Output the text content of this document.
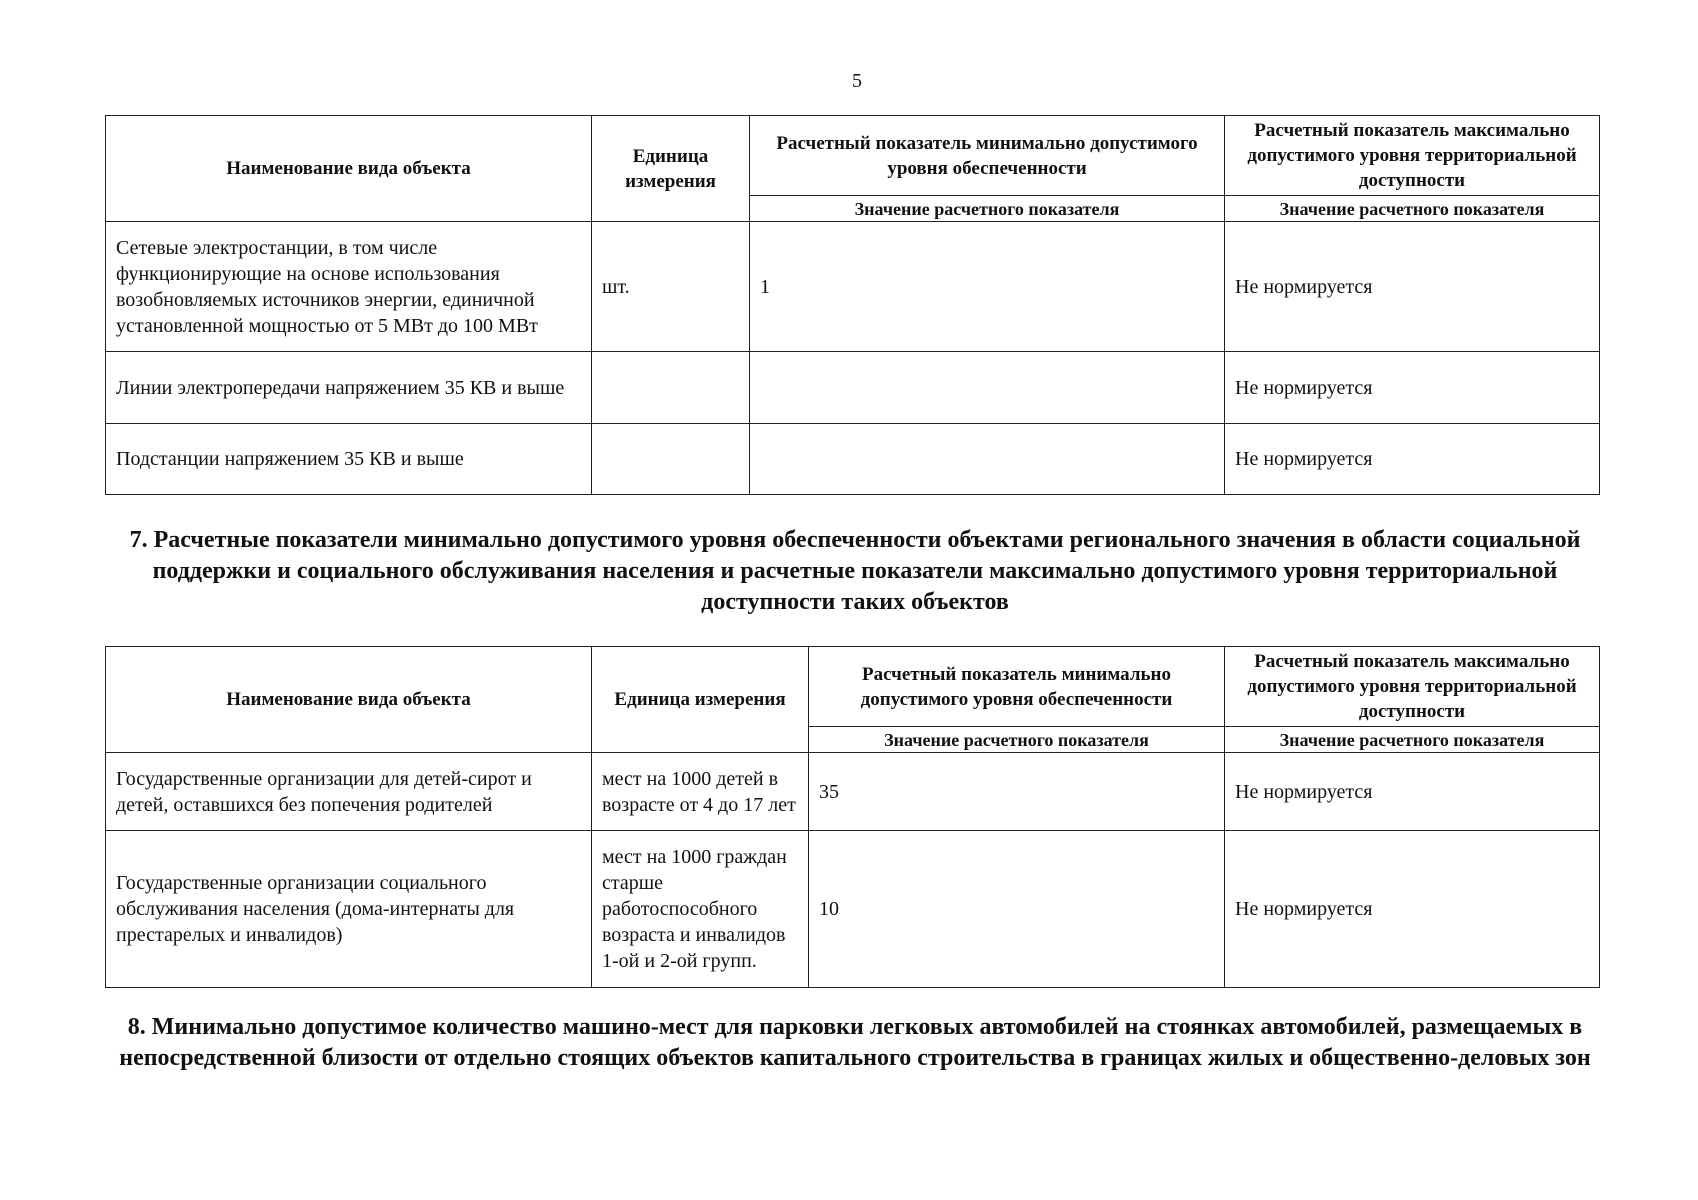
5
Наименование вида объекта	Единица измерения	Расчетный показатель минимально допустимого уровня обеспеченности	Расчетный показатель максимально допустимого уровня территориальной доступности
		Значение расчетного показателя	Значение расчетного показателя
Сетевые электростанции, в том числе функционирующие на основе использования возобновляемых источников энергии, единичной установленной мощностью от 5 МВт до 100 МВт	шт.	1	Не нормируется
Линии электропередачи напряжением 35 КВ и выше			Не нормируется
Подстанции напряжением 35 КВ и выше			Не нормируется
7. Расчетные показатели минимально допустимого уровня обеспеченности объектами регионального значения в области социальной поддержки и социального обслуживания населения и расчетные показатели максимально допустимого уровня территориальной доступности таких объектов
Наименование вида объекта	Единица измерения	Расчетный показатель минимально допустимого уровня обеспеченности	Расчетный показатель максимально допустимого уровня территориальной доступности
		Значение расчетного показателя	Значение расчетного показателя
Государственные организации для детей-сирот и детей, оставшихся без попечения родителей	мест на 1000 детей в возрасте от 4 до 17 лет	35	Не нормируется
Государственные организации социального обслуживания населения (дома-интернаты для престарелых и инвалидов)	мест на 1000 граждан старше работоспособного возраста и инвалидов 1-ой и 2-ой групп.	10	Не нормируется
8. Минимально допустимое количество машино-мест для парковки легковых автомобилей на стоянках автомобилей, размещаемых в непосредственной близости от отдельно стоящих объектов капитального строительства в границах жилых и общественно-деловых зон
